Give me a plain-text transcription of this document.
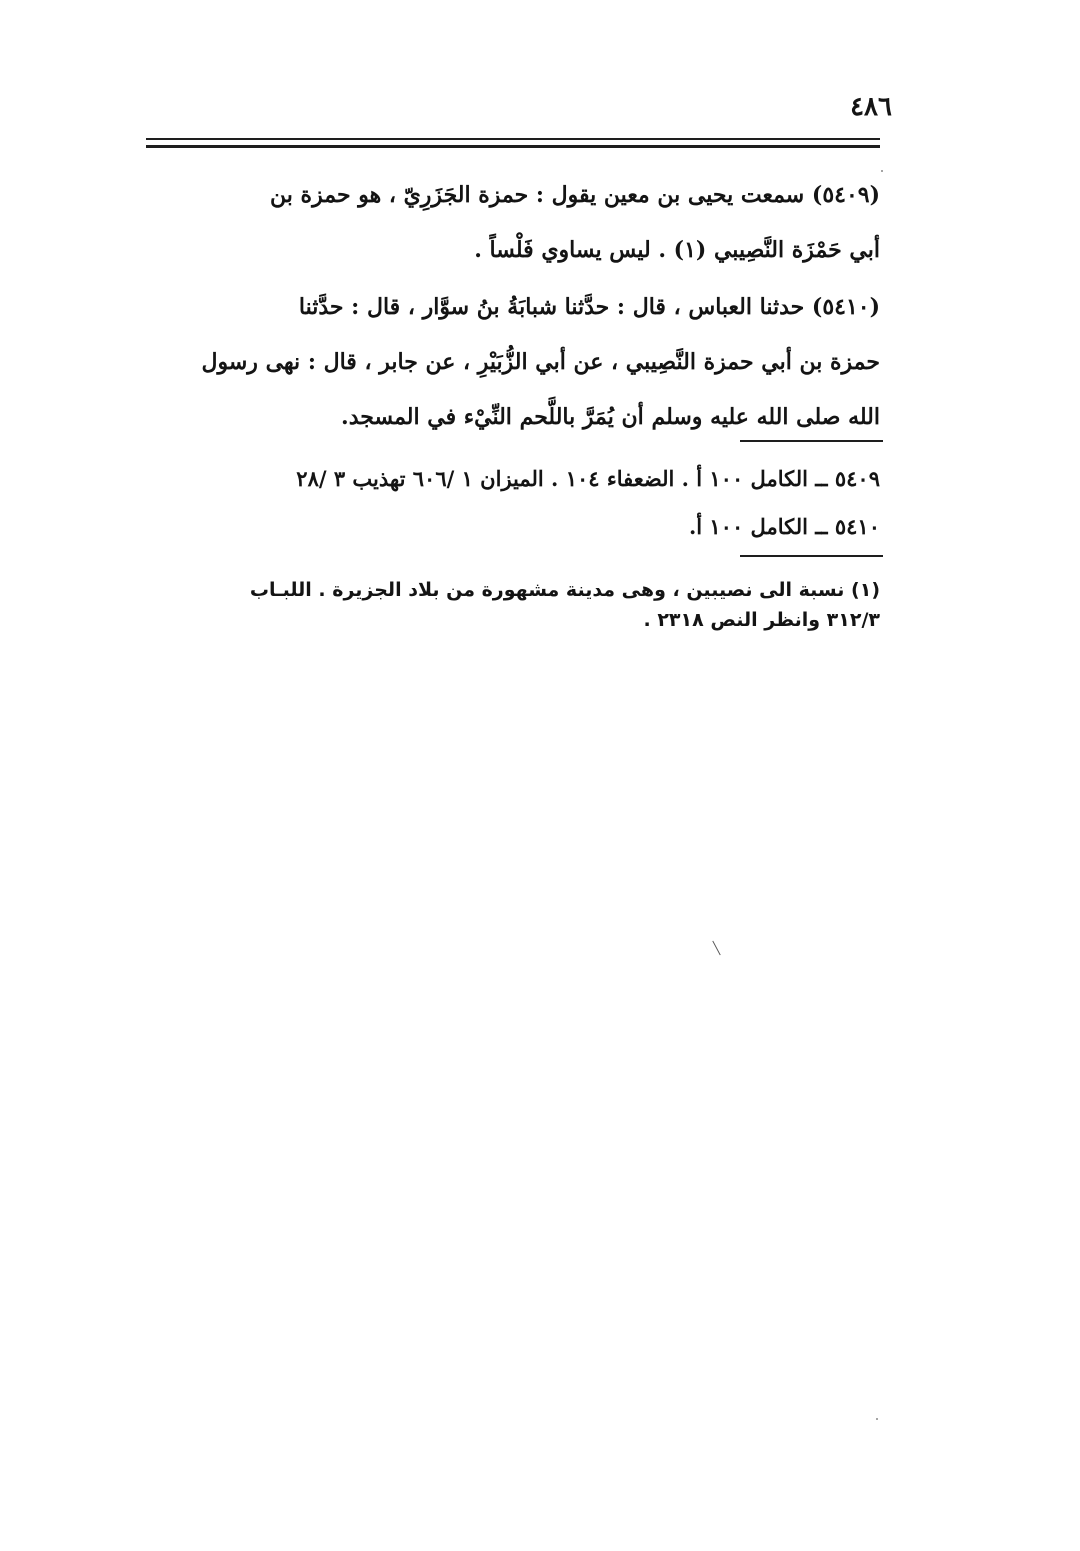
٤٨٦

(٥٤٠٩) سمعت يحيى بن معين يقول : حمزة الجَزَرِيّ ، هو حمزة بن

أبي حَمْزَة النَّصِيبي (١) . ليس يساوي فَلْساً .

(٥٤١٠) حدثنا العباس ، قال : حدَّثنا شبابَةُ بنُ سوَّار ، قال : حدَّثنا

حمزة بن أبي حمزة النَّصِيبي ، عن أبي الزُّبَيْرِ ، عن جابر ، قال : نهى رسول

الله صلى الله عليه وسلم أن يُمَرَّ باللَّحم النِّيْء في المسجد.

٥٤٠٩ ــ الكامل ١٠٠ أ . الضعفاء ١٠٤ . الميزان ١ /٦٠٦ تهذيب ٣ /٢٨

٥٤١٠ ــ الكامل ١٠٠ أ.

(١) نسبة الى نصيبين ، وهى مدينة مشهورة من بلاد الجزيرة . اللبـاب

٣١٢/٣ وانظر النص ٢٣١٨ .
